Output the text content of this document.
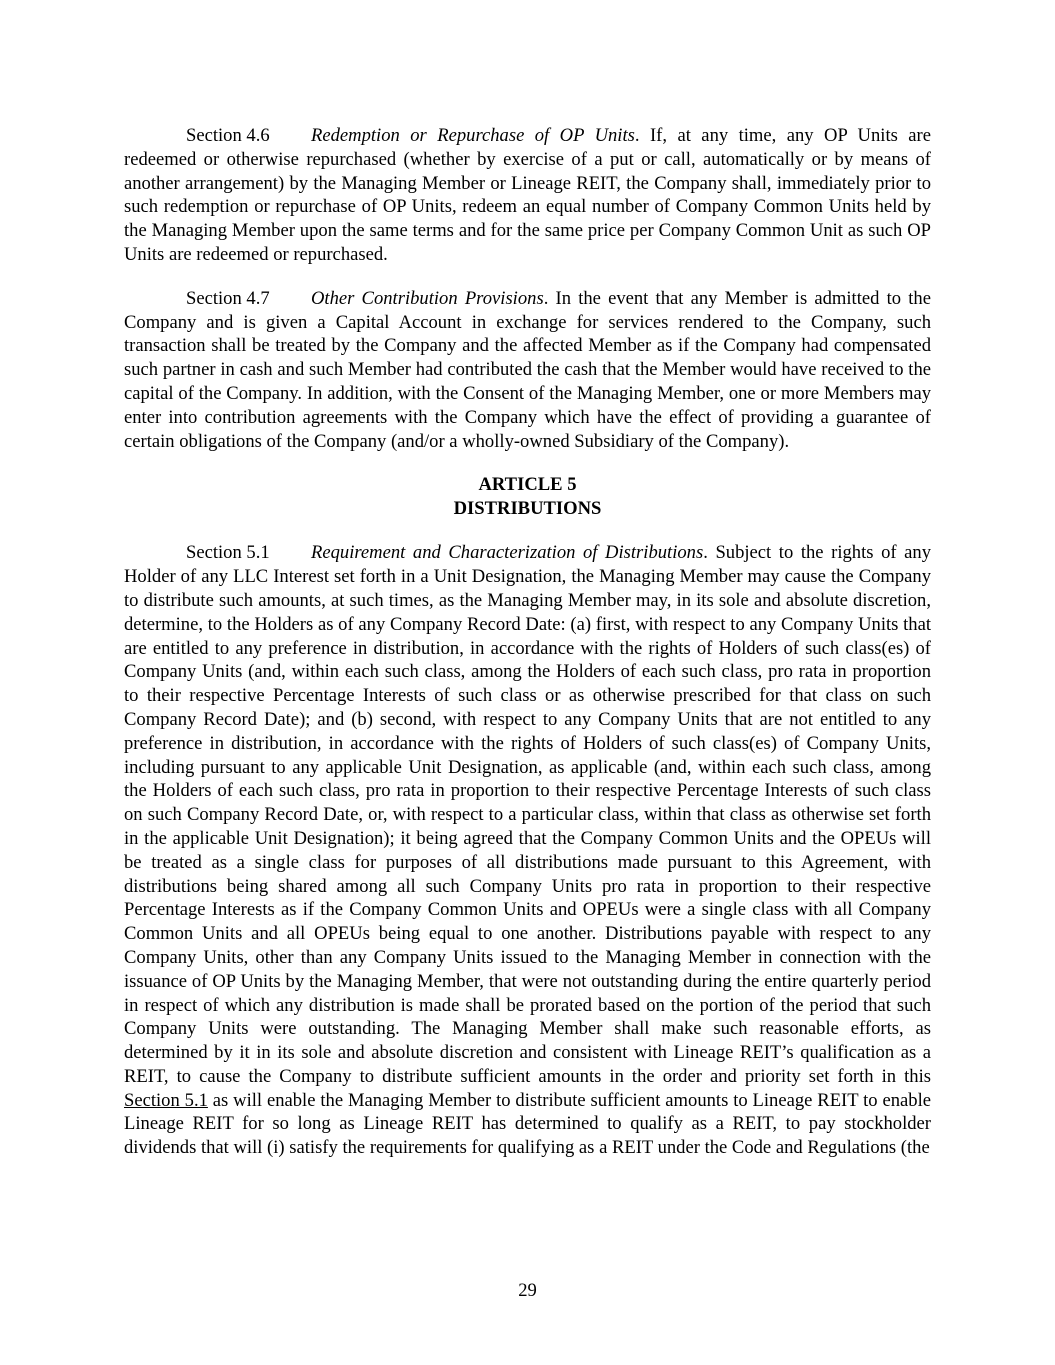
Section 4.6 Redemption or Repurchase of OP Units. If, at any time, any OP Units are redeemed or otherwise repurchased (whether by exercise of a put or call, automatically or by means of another arrangement) by the Managing Member or Lineage REIT, the Company shall, immediately prior to such redemption or repurchase of OP Units, redeem an equal number of Company Common Units held by the Managing Member upon the same terms and for the same price per Company Common Unit as such OP Units are redeemed or repurchased.

Section 4.7 Other Contribution Provisions. In the event that any Member is admitted to the Company and is given a Capital Account in exchange for services rendered to the Company, such transaction shall be treated by the Company and the affected Member as if the Company had compensated such partner in cash and such Member had contributed the cash that the Member would have received to the capital of the Company. In addition, with the Consent of the Managing Member, one or more Members may enter into contribution agreements with the Company which have the effect of providing a guarantee of certain obligations of the Company (and/or a wholly-owned Subsidiary of the Company).

ARTICLE 5

DISTRIBUTIONS

Section 5.1 Requirement and Characterization of Distributions. Subject to the rights of any Holder of any LLC Interest set forth in a Unit Designation, the Managing Member may cause the Company to distribute such amounts, at such times, as the Managing Member may, in its sole and absolute discretion, determine, to the Holders as of any Company Record Date: (a) first, with respect to any Company Units that are entitled to any preference in distribution, in accordance with the rights of Holders of such class(es) of Company Units (and, within each such class, among the Holders of each such class, pro rata in proportion to their respective Percentage Interests of such class or as otherwise prescribed for that class on such Company Record Date); and (b) second, with respect to any Company Units that are not entitled to any preference in distribution, in accordance with the rights of Holders of such class(es) of Company Units, including pursuant to any applicable Unit Designation, as applicable (and, within each such class, among the Holders of each such class, pro rata in proportion to their respective Percentage Interests of such class on such Company Record Date, or, with respect to a particular class, within that class as otherwise set forth in the applicable Unit Designation); it being agreed that the Company Common Units and the OPEUs will be treated as a single class for purposes of all distributions made pursuant to this Agreement, with distributions being shared among all such Company Units pro rata in proportion to their respective Percentage Interests as if the Company Common Units and OPEUs were a single class with all Company Common Units and all OPEUs being equal to one another. Distributions payable with respect to any Company Units, other than any Company Units issued to the Managing Member in connection with the issuance of OP Units by the Managing Member, that were not outstanding during the entire quarterly period in respect of which any distribution is made shall be prorated based on the portion of the period that such Company Units were outstanding. The Managing Member shall make such reasonable efforts, as determined by it in its sole and absolute discretion and consistent with Lineage REIT’s qualification as a REIT, to cause the Company to distribute sufficient amounts in the order and priority set forth in this Section 5.1 as will enable the Managing Member to distribute sufficient amounts to Lineage REIT to enable Lineage REIT for so long as Lineage REIT has determined to qualify as a REIT, to pay stockholder dividends that will (i) satisfy the requirements for qualifying as a REIT under the Code and Regulations (the

29
